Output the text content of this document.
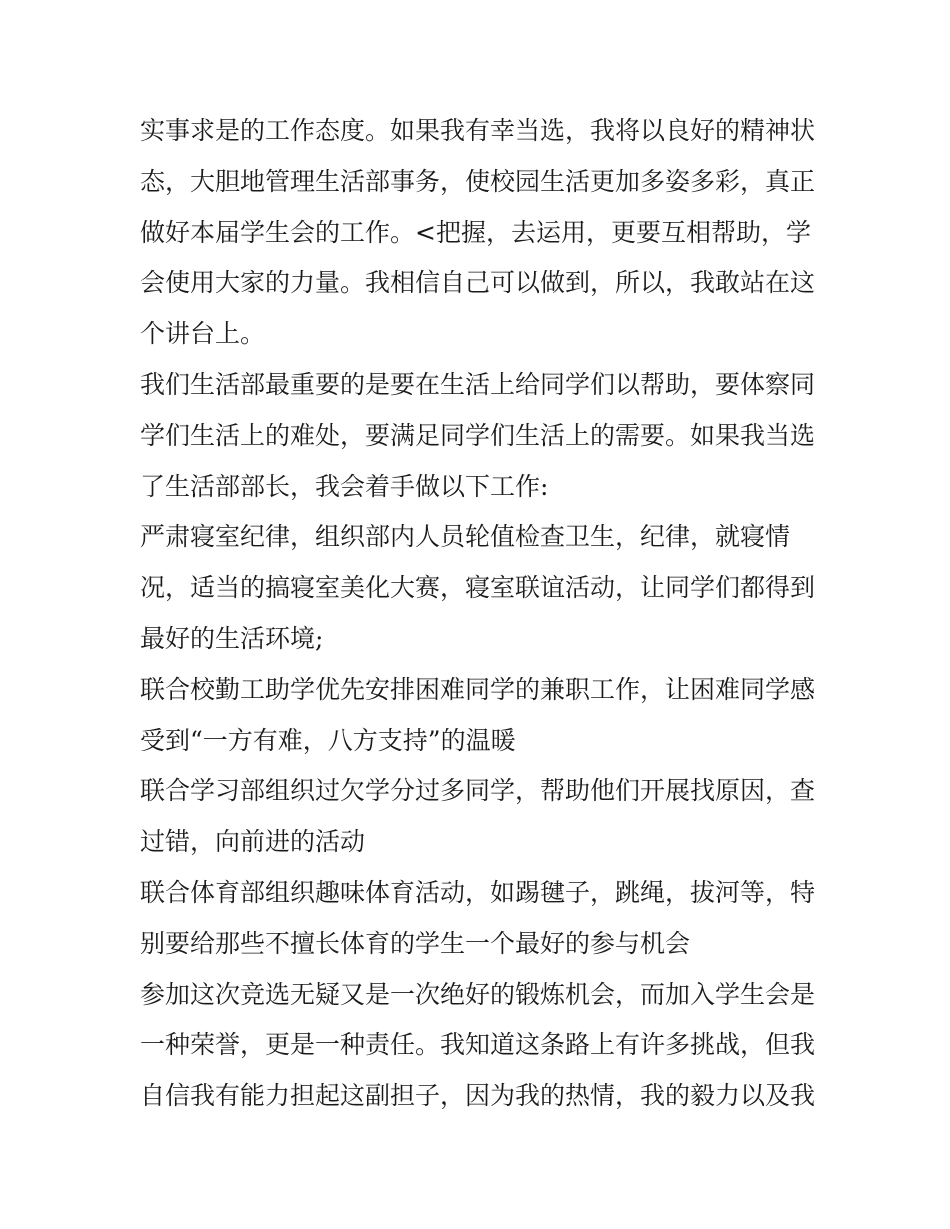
实事求是的工作态度。如果我有幸当选，我将以良好的精神状
态，大胆地管理生活部事务，使校园生活更加多姿多彩，真正
做好本届学生会的工作。<把握，去运用，更要互相帮助，学
会使用大家的力量。我相信自己可以做到，所以，我敢站在这
个讲台上。
我们生活部最重要的是要在生活上给同学们以帮助，要体察同
学们生活上的难处，要满足同学们生活上的需要。如果我当选
了生活部部长，我会着手做以下工作:
严肃寝室纪律，组织部内人员轮值检查卫生，纪律，就寝情
况，适当的搞寝室美化大赛，寝室联谊活动，让同学们都得到
最好的生活环境;
联合校勤工助学优先安排困难同学的兼职工作，让困难同学感
受到“一方有难，八方支持”的温暖
联合学习部组织过欠学分过多同学，帮助他们开展找原因，查
过错，向前进的活动
联合体育部组织趣味体育活动，如踢毽子，跳绳，拔河等，特
别要给那些不擅长体育的学生一个最好的参与机会
参加这次竞选无疑又是一次绝好的锻炼机会，而加入学生会是
一种荣誉，更是一种责任。我知道这条路上有许多挑战，但我
自信我有能力担起这副担子，因为我的热情，我的毅力以及我
